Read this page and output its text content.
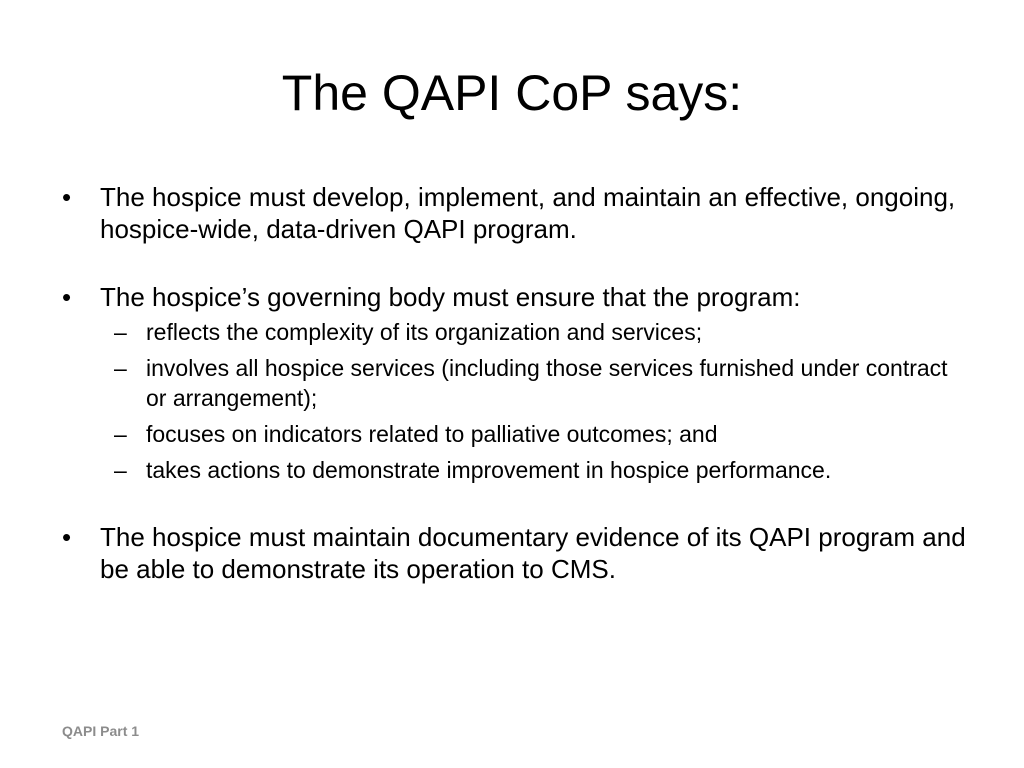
The QAPI CoP says:
•	The hospice must develop, implement, and maintain an effective, ongoing, hospice-wide, data-driven QAPI program.
•	The hospice’s governing body must ensure that the program:
– reflects the complexity of its organization and services;
– involves all hospice services (including those services furnished under contract or arrangement);
– focuses on indicators related to palliative outcomes; and
– takes actions to demonstrate improvement in hospice performance.
•	The hospice must maintain documentary evidence of its QAPI program and be able to demonstrate its operation to CMS.
QAPI Part 1
